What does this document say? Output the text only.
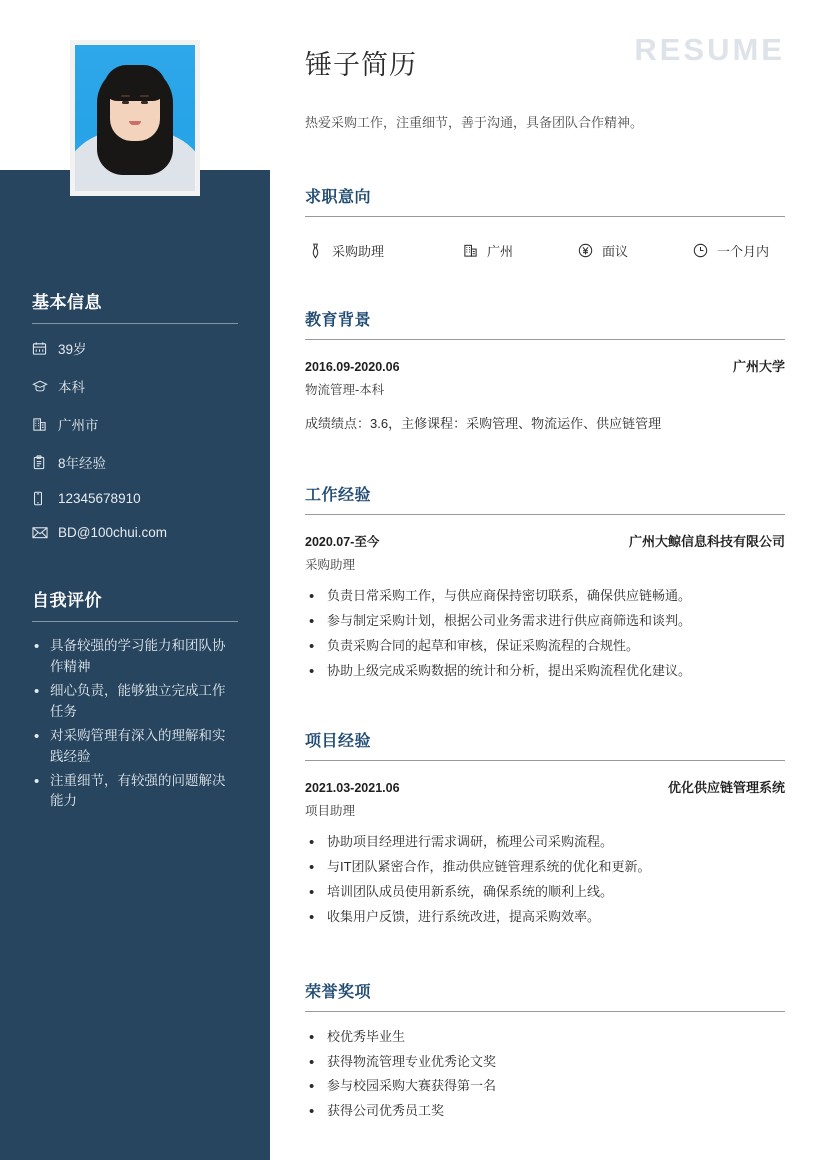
基本信息
39岁
本科
广州市
8年经验
12345678910
BD@100chui.com
自我评价
• 具备较强的学习能力和团队协作精神
• 细心负责，能够独立完成工作任务
• 对采购管理有深入的理解和实践经验
• 注重细节，有较强的问题解决能力
锤子简历
热爱采购工作，注重细节，善于沟通，具备团队合作精神。
RESUME
求职意向
采购助理	广州	面议	一个月内
教育背景
2016.09-2020.06	广州大学
物流管理-本科
成绩绩点：3.6，主修课程：采购管理、物流运作、供应链管理
工作经验
2020.07-至今	广州大鲸信息科技有限公司
采购助理
• 负责日常采购工作，与供应商保持密切联系，确保供应链畅通。
• 参与制定采购计划，根据公司业务需求进行供应商筛选和谈判。
• 负责采购合同的起草和审核，保证采购流程的合规性。
• 协助上级完成采购数据的统计和分析，提出采购流程优化建议。
项目经验
2021.03-2021.06	优化供应链管理系统
项目助理
• 协助项目经理进行需求调研，梳理公司采购流程。
• 与IT团队紧密合作，推动供应链管理系统的优化和更新。
• 培训团队成员使用新系统，确保系统的顺利上线。
• 收集用户反馈，进行系统改进，提高采购效率。
荣誉奖项
• 校优秀毕业生
• 获得物流管理专业优秀论文奖
• 参与校园采购大赛获得第一名
• 获得公司优秀员工奖
